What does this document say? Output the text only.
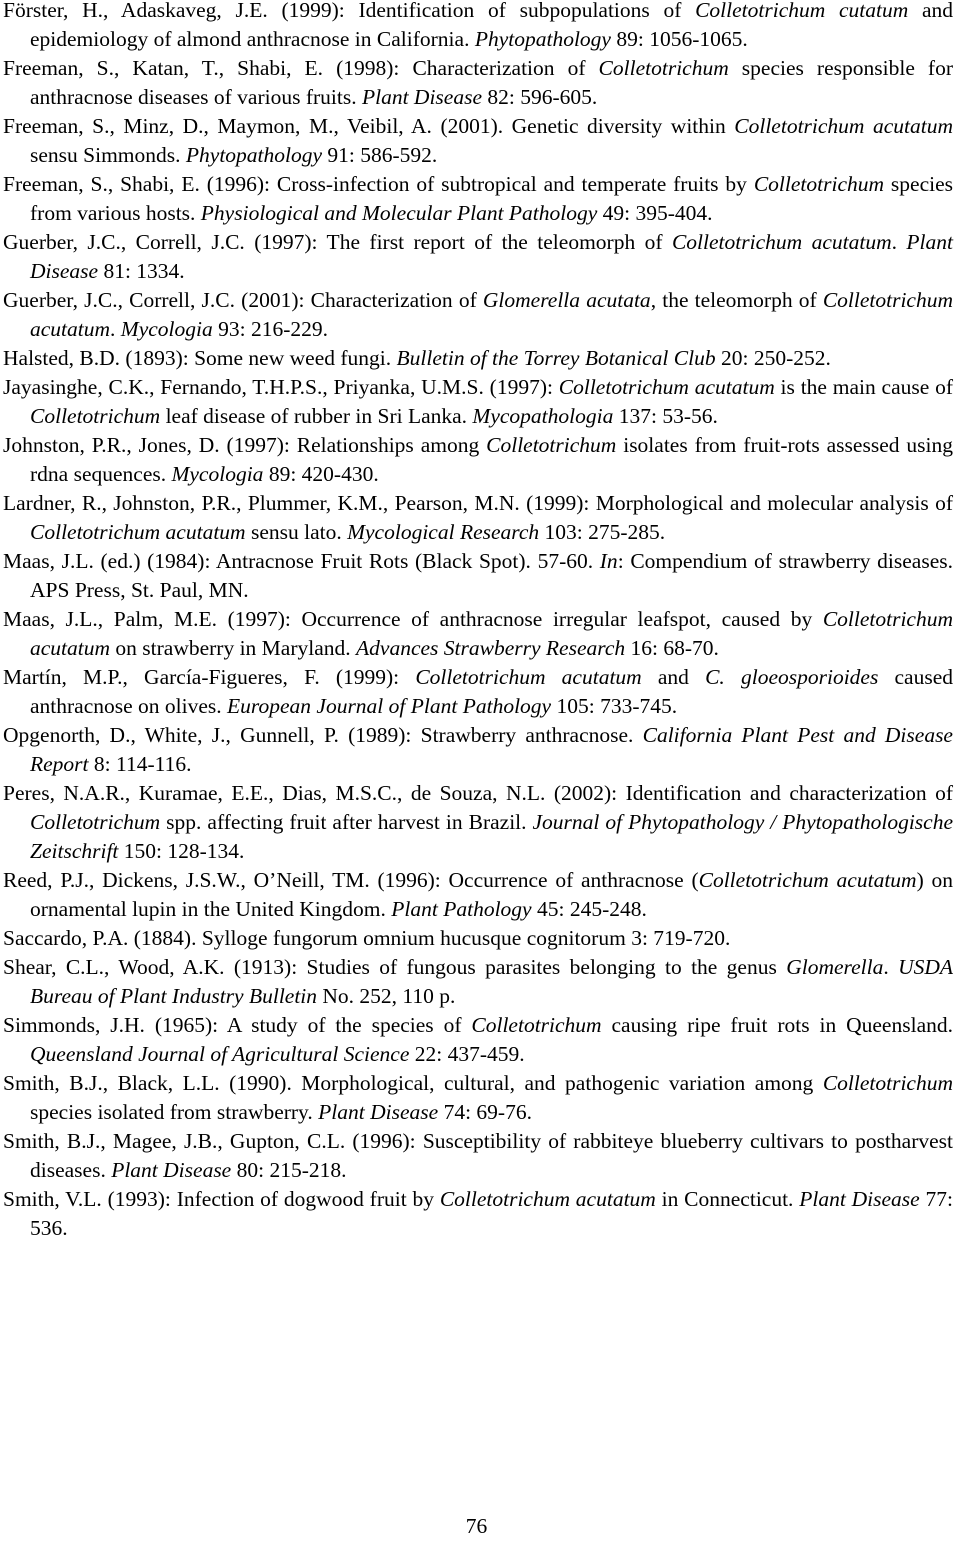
Förster, H., Adaskaveg, J.E. (1999): Identification of subpopulations of Colletotrichum cutatum and epidemiology of almond anthracnose in California. Phytopathology 89: 1056-1065.

Freeman, S., Katan, T., Shabi, E. (1998): Characterization of Colletotrichum species responsible for anthracnose diseases of various fruits. Plant Disease 82: 596-605.

Freeman, S., Minz, D., Maymon, M., Veibil, A. (2001). Genetic diversity within Colletotrichum acutatum sensu Simmonds. Phytopathology 91: 586-592.

Freeman, S., Shabi, E. (1996): Cross-infection of subtropical and temperate fruits by Colletotrichum species from various hosts. Physiological and Molecular Plant Pathology 49: 395-404.

Guerber, J.C., Correll, J.C. (1997): The first report of the teleomorph of Colletotrichum acutatum. Plant Disease 81: 1334.

Guerber, J.C., Correll, J.C. (2001): Characterization of Glomerella acutata, the teleomorph of Colletotrichum acutatum. Mycologia 93: 216-229.

Halsted, B.D. (1893): Some new weed fungi. Bulletin of the Torrey Botanical Club 20: 250-252.

Jayasinghe, C.K., Fernando, T.H.P.S., Priyanka, U.M.S. (1997): Colletotrichum acutatum is the main cause of Colletotrichum leaf disease of rubber in Sri Lanka. Mycopathologia 137: 53-56.

Johnston, P.R., Jones, D. (1997): Relationships among Colletotrichum isolates from fruit-rots assessed using rdna sequences. Mycologia 89: 420-430.

Lardner, R., Johnston, P.R., Plummer, K.M., Pearson, M.N. (1999): Morphological and molecular analysis of Colletotrichum acutatum sensu lato. Mycological Research 103: 275-285.

Maas, J.L. (ed.) (1984): Antracnose Fruit Rots (Black Spot). 57-60. In: Compendium of strawberry diseases. APS Press, St. Paul, MN.

Maas, J.L., Palm, M.E. (1997): Occurrence of anthracnose irregular leafspot, caused by Colletotrichum acutatum on strawberry in Maryland. Advances Strawberry Research 16: 68-70.

Martín, M.P., García-Figueres, F. (1999): Colletotrichum acutatum and C. gloeosporioides caused anthracnose on olives. European Journal of Plant Pathology 105: 733-745.

Opgenorth, D., White, J., Gunnell, P. (1989): Strawberry anthracnose. California Plant Pest and Disease Report 8: 114-116.

Peres, N.A.R., Kuramae, E.E., Dias, M.S.C., de Souza, N.L. (2002): Identification and characterization of Colletotrichum spp. affecting fruit after harvest in Brazil. Journal of Phytopathology / Phytopathologische Zeitschrift 150: 128-134.

Reed, P.J., Dickens, J.S.W., O’Neill, TM. (1996): Occurrence of anthracnose (Colletotrichum acutatum) on ornamental lupin in the United Kingdom. Plant Pathology 45: 245-248.

Saccardo, P.A. (1884). Sylloge fungorum omnium hucusque cognitorum 3: 719-720.

Shear, C.L., Wood, A.K. (1913): Studies of fungous parasites belonging to the genus Glomerella. USDA Bureau of Plant Industry Bulletin No. 252, 110 p.

Simmonds, J.H. (1965): A study of the species of Colletotrichum causing ripe fruit rots in Queensland. Queensland Journal of Agricultural Science 22: 437-459.

Smith, B.J., Black, L.L. (1990). Morphological, cultural, and pathogenic variation among Colletotrichum species isolated from strawberry. Plant Disease 74: 69-76.

Smith, B.J., Magee, J.B., Gupton, C.L. (1996): Susceptibility of rabbiteye blueberry cultivars to postharvest diseases. Plant Disease 80: 215-218.

Smith, V.L. (1993): Infection of dogwood fruit by Colletotrichum acutatum in Connecticut. Plant Disease 77: 536.

76
